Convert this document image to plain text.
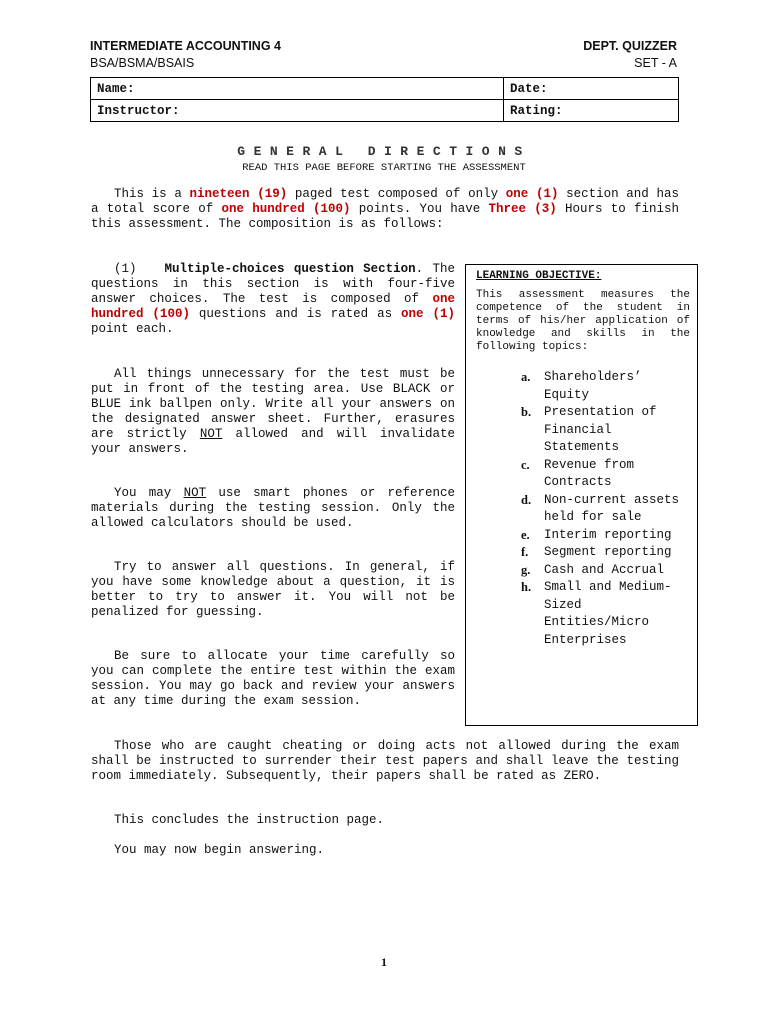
INTERMEDIATE ACCOUNTING 4
BSA/BSMA/BSAIS
DEPT. QUIZZER
SET - A
Name:	Date:
Instructor:	Rating:
GENERAL DIRECTIONS
READ THIS PAGE BEFORE STARTING THE ASSESSMENT
This is a nineteen (19) paged test composed of only one (1) section and has a total score of one hundred (100) points. You have Three (3) Hours to finish this assessment. The composition is as follows:
(1) Multiple-choices question Section. The questions in this section is with four-five answer choices. The test is composed of one hundred (100) questions and is rated as one (1) point each.
All things unnecessary for the test must be put in front of the testing area. Use BLACK or BLUE ink ballpen only. Write all your answers on the designated answer sheet. Further, erasures are strictly NOT allowed and will invalidate your answers.
You may NOT use smart phones or reference materials during the testing session. Only the allowed calculators should be used.
Try to answer all questions. In general, if you have some knowledge about a question, it is better to try to answer it. You will not be penalized for guessing.
Be sure to allocate your time carefully so you can complete the entire test within the exam session. You may go back and review your answers at any time during the exam session.
Those who are caught cheating or doing acts not allowed during the exam shall be instructed to surrender their test papers and shall leave the testing room immediately. Subsequently, their papers shall be rated as ZERO.
This concludes the instruction page.
You may now begin answering.
LEARNING OBJECTIVE:
This assessment measures the competence of the student in terms of his/her application of knowledge and skills in the following topics:
a. Shareholders’ Equity
b. Presentation of Financial Statements
c. Revenue from Contracts
d. Non-current assets held for sale
e. Interim reporting
f. Segment reporting
g. Cash and Accrual
h. Small and Medium-Sized Entities/Micro Enterprises
1
